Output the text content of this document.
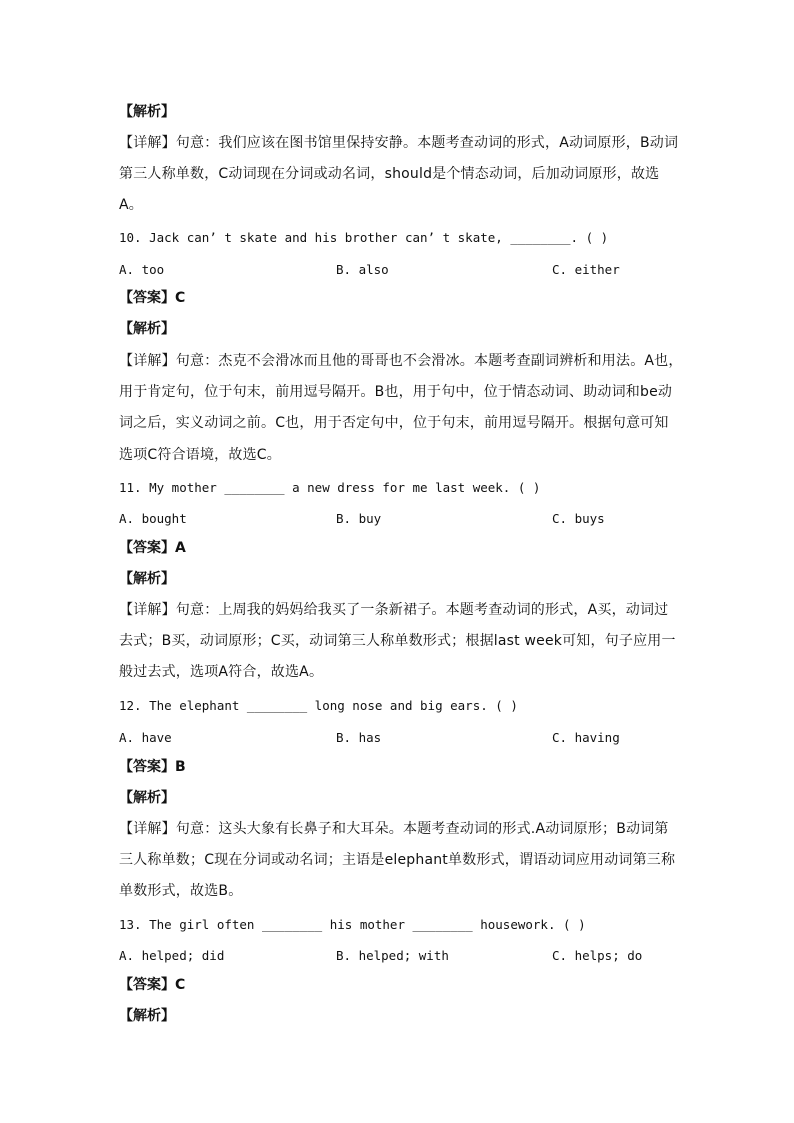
【解析】
【详解】句意：我们应该在图书馆里保持安静。本题考查动词的形式，A动词原形，B动词
第三人称单数，C动词现在分词或动名词，should是个情态动词，后加动词原形，故选
A。
10. Jack can’ t skate and his brother can’ t skate, ________. ( )
A. too	B. also	C. either
【答案】C
【解析】
【详解】句意：杰克不会滑冰而且他的哥哥也不会滑冰。本题考查副词辨析和用法。A也，
用于肯定句，位于句末，前用逗号隔开。B也，用于句中，位于情态动词、助动词和be动
词之后，实义动词之前。C也，用于否定句中，位于句末，前用逗号隔开。根据句意可知
选项C符合语境，故选C。
11. My mother ________ a new dress for me last week. ( )
A. bought	B. buy	C. buys
【答案】A
【解析】
【详解】句意：上周我的妈妈给我买了一条新裙子。本题考查动词的形式，A买，动词过
去式；B买，动词原形；C买，动词第三人称单数形式；根据last week可知，句子应用一
般过去式，选项A符合，故选A。
12. The elephant ________ long nose and big ears. ( )
A. have	B. has	C. having
【答案】B
【解析】
【详解】句意：这头大象有长鼻子和大耳朵。本题考查动词的形式.A动词原形；B动词第
三人称单数；C现在分词或动名词；主语是elephant单数形式，谓语动词应用动词第三称
单数形式，故选B。
13. The girl often ________ his mother ________ housework. ( )
A. helped; did	B. helped; with	C. helps; do
【答案】C
【解析】
